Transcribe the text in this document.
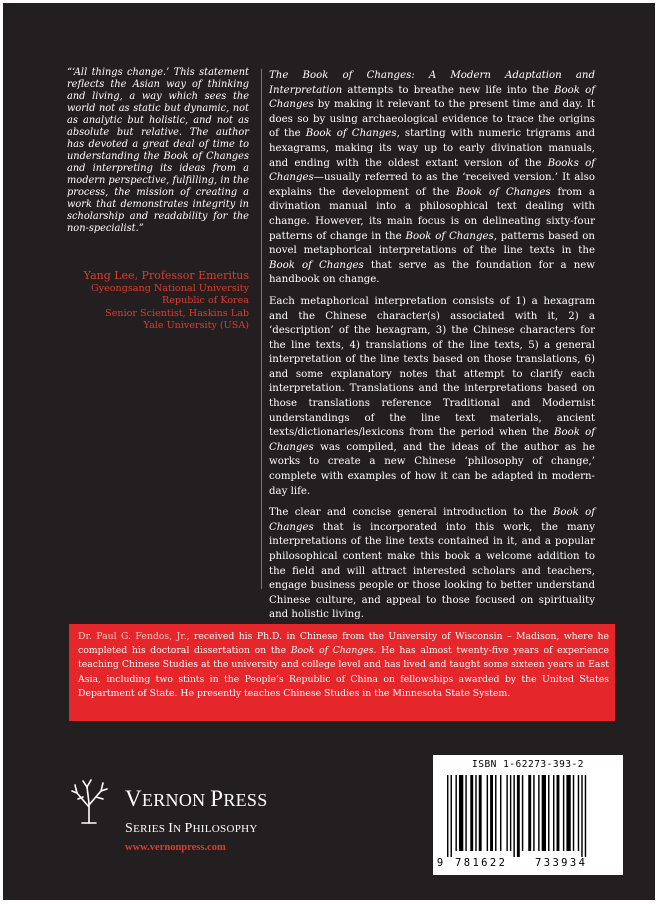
“‘All things change.’ This statement reflects the Asian way of thinking and living, a way which sees the world not as static but dynamic, not as analytic but holistic, and not as absolute but relative. The author has devoted a great deal of time to understanding the Book of Changes and interpreting its ideas from a modern perspective, fulfilling, in the process, the mission of creating a work that demonstrates integrity in scholarship and readability for the non-specialist.”

Yang Lee, Professor Emeritus
Gyeongsang National University
Republic of Korea
Senior Scientist, Haskins Lab
Yale University (USA)

The Book of Changes: A Modern Adaptation and Interpretation attempts to breathe new life into the Book of Changes by making it relevant to the present time and day. It does so by using archaeological evidence to trace the origins of the Book of Changes, starting with numeric trigrams and hexagrams, making its way up to early divination manuals, and ending with the oldest extant version of the Books of Changes—usually referred to as the ‘received version.’ It also explains the development of the Book of Changes from a divination manual into a philosophical text dealing with change. However, its main focus is on delineating sixty-four patterns of change in the Book of Changes, patterns based on novel metaphorical interpretations of the line texts in the Book of Changes that serve as the foundation for a new handbook on change.

Each metaphorical interpretation consists of 1) a hexagram and the Chinese character(s) associated with it, 2) a ‘description’ of the hexagram, 3) the Chinese characters for the line texts, 4) translations of the line texts, 5) a general interpretation of the line texts based on those translations, 6) and some explanatory notes that attempt to clarify each interpretation. Translations and the interpretations based on those translations reference Traditional and Modernist understandings of the line text materials, ancient texts/dictionaries/lexicons from the period when the Book of Changes was compiled, and the ideas of the author as he works to create a new Chinese ‘philosophy of change,’ complete with examples of how it can be adapted in modern-day life.

The clear and concise general introduction to the Book of Changes that is incorporated into this work, the many interpretations of the line texts contained in it, and a popular philosophical content make this book a welcome addition to the field and will attract interested scholars and teachers, engage business people or those looking to better understand Chinese culture, and appeal to those focused on spirituality and holistic living.

Dr. Paul G. Fendos, Jr., received his Ph.D. in Chinese from the University of Wisconsin – Madison, where he completed his doctoral dissertation on the Book of Changes. He has almost twenty-five years of experience teaching Chinese Studies at the university and college level and has lived and taught some sixteen years in East Asia, including two stints in the People’s Republic of China on fellowships awarded by the United States Department of State. He presently teaches Chinese Studies in the Minnesota State System.
VERNON PRESS
SERIES IN PHILOSOPHY
www.vernonpress.com
ISBN 1-62273-393-2
9	781622	733934
